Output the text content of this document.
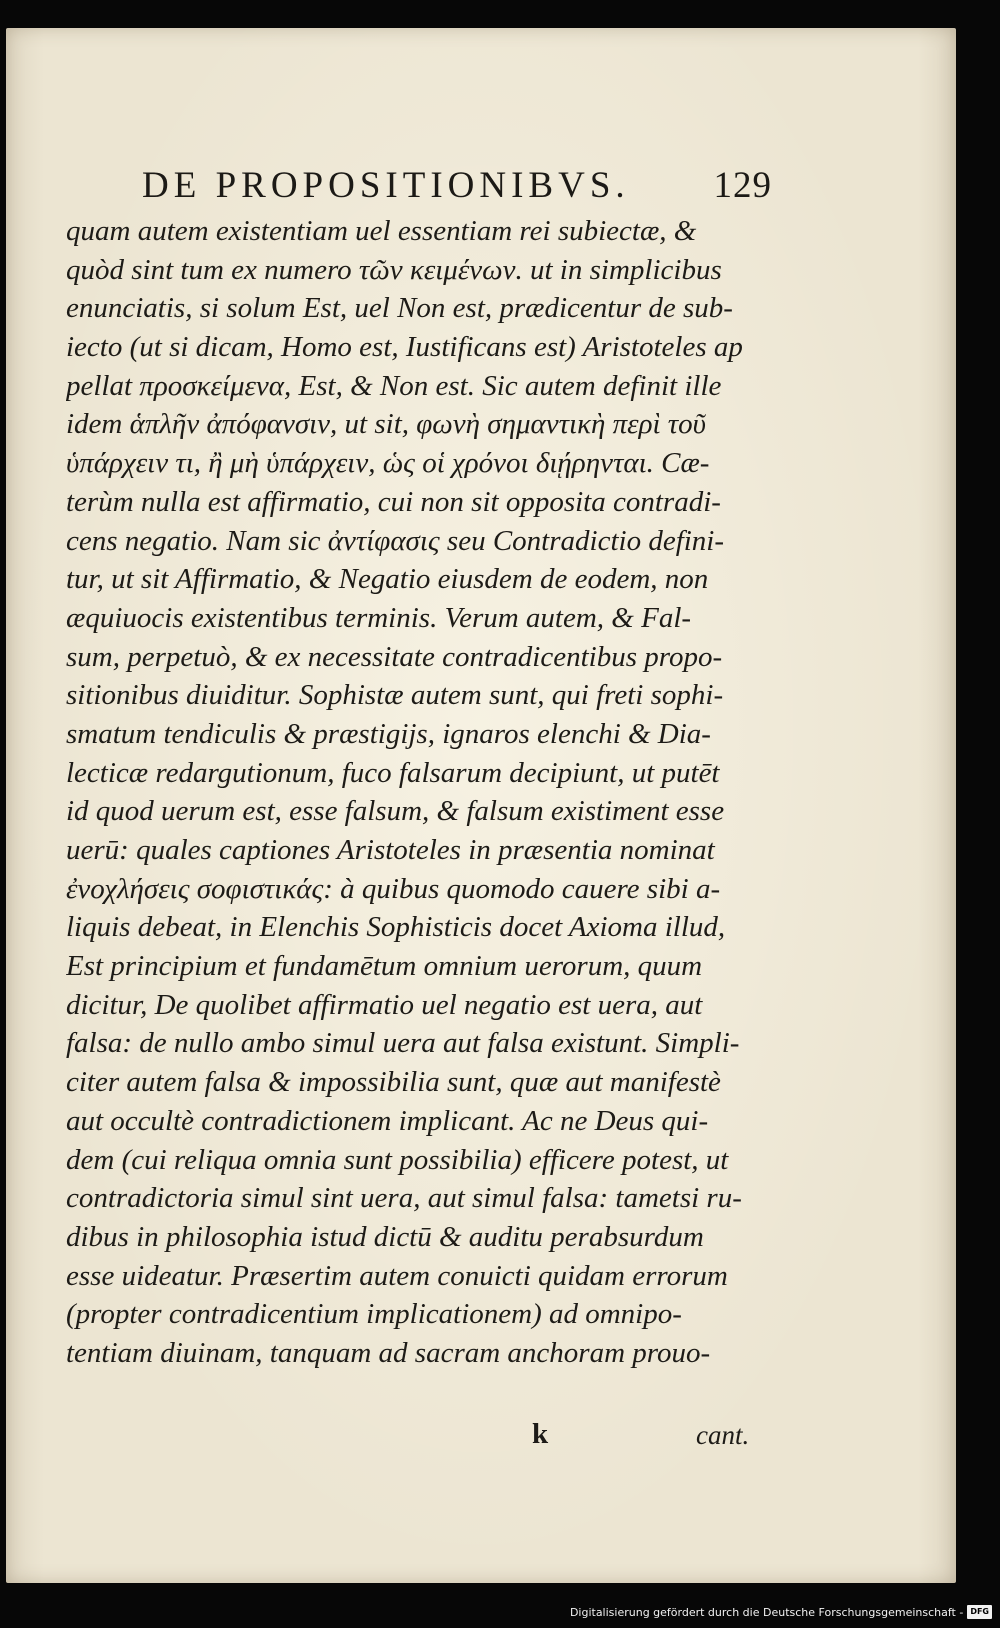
DE PROPOSITIONIBVS. 129
quam autem existentiam uel essentiam rei subiectæ, &
quòd sint tum ex numero τῶν κειμένων. ut in simplicibus
enunciatis, si solum Est, uel Non est, prædicentur de sub-
iecto (ut si dicam, Homo est, Iustificans est) Aristoteles ap
pellat προσκείμενα, Est, & Non est. Sic autem definit ille
idem ἁπλῆν ἀπόφανσιν, ut sit, φωνὴ σημαντικὴ περὶ τοῦ
ὑπάρχειν τι, ἢ μὴ ὑπάρχειν, ὡς οἱ χρόνοι διῄρηνται. Cæ-
terùm nulla est affirmatio, cui non sit opposita contradi-
cens negatio. Nam sic ἀντίφασις seu Contradictio defini-
tur, ut sit Affirmatio, & Negatio eiusdem de eodem, non
æquiuocis existentibus terminis. Verum autem, & Fal-
sum, perpetuò, & ex necessitate contradicentibus propo-
sitionibus diuiditur. Sophistæ autem sunt, qui freti sophi-
smatum tendiculis & præstigijs, ignaros elenchi & Dia-
lecticæ redargutionum, fuco falsarum decipiunt, ut putēt
id quod uerum est, esse falsum, & falsum existiment esse
uerū: quales captiones Aristoteles in præsentia nominat
ἐνοχλήσεις σοφιστικάς: à quibus quomodo cauere sibi a-
liquis debeat, in Elenchis Sophisticis docet Axioma illud,
Est principium et fundamētum omnium uerorum, quum
dicitur, De quolibet affirmatio uel negatio est uera, aut
falsa: de nullo ambo simul uera aut falsa existunt. Simpli-
citer autem falsa & impossibilia sunt, quæ aut manifestè
aut occultè contradictionem implicant. Ac ne Deus qui-
dem (cui reliqua omnia sunt possibilia) efficere potest, ut
contradictoria simul sint uera, aut simul falsa: tametsi ru-
dibus in philosophia istud dictū & auditu perabsurdum
esse uideatur. Præsertim autem conuicti quidam errorum
(propter contradicentium implicationem) ad omnipo-
tentiam diuinam, tanquam ad sacram anchoram prouo-
k	cant.
Digitalisierung gefördert durch die Deutsche Forschungsgemeinschaft - DFG
